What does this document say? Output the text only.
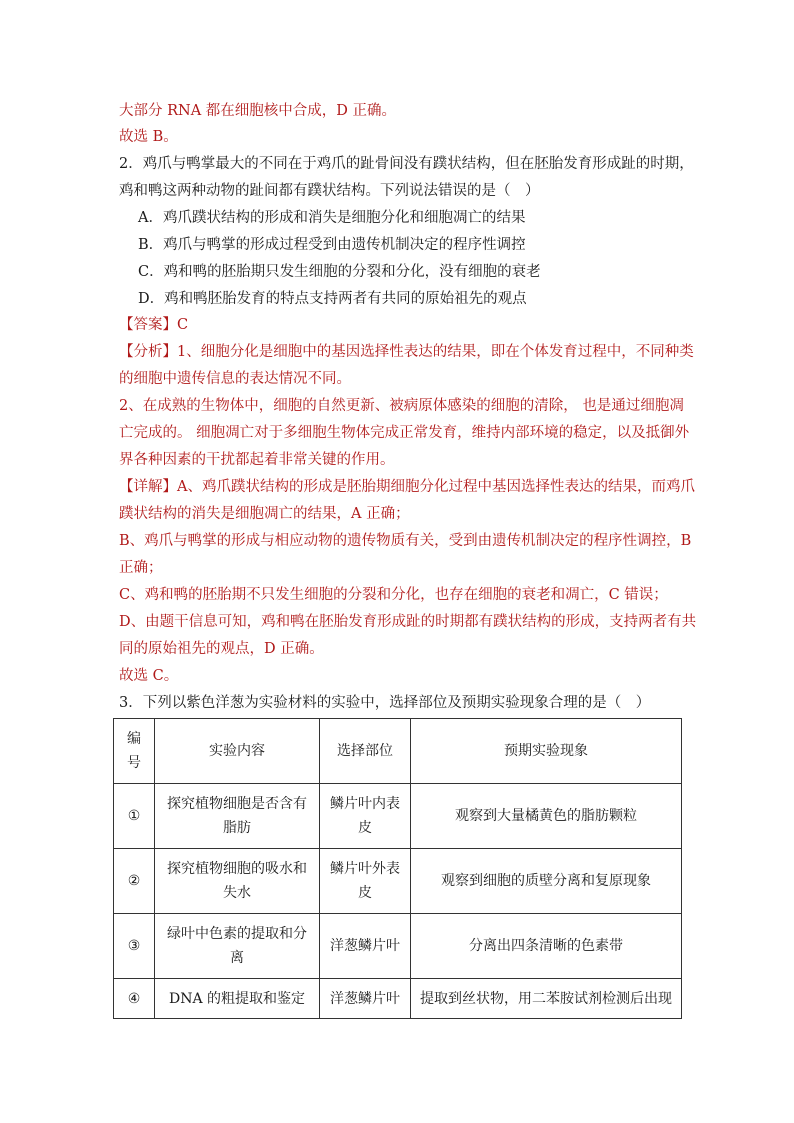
大部分 RNA 都在细胞核中合成，D 正确。
故选 B。
2．鸡爪与鸭掌最大的不同在于鸡爪的趾骨间没有蹼状结构，但在胚胎发育形成趾的时期，
鸡和鸭这两种动物的趾间都有蹼状结构。下列说法错误的是（　）
A．鸡爪蹼状结构的形成和消失是细胞分化和细胞凋亡的结果
B．鸡爪与鸭掌的形成过程受到由遗传机制决定的程序性调控
C．鸡和鸭的胚胎期只发生细胞的分裂和分化，没有细胞的衰老
D．鸡和鸭胚胎发育的特点支持两者有共同的原始祖先的观点
【答案】C
【分析】1、细胞分化是细胞中的基因选择性表达的结果，即在个体发育过程中，不同种类
的细胞中遗传信息的表达情况不同。
2、在成熟的生物体中，细胞的自然更新、被病原体感染的细胞的清除， 也是通过细胞凋
亡完成的。 细胞凋亡对于多细胞生物体完成正常发育，维持内部环境的稳定，以及抵御外
界各种因素的干扰都起着非常关键的作用。
【详解】A、鸡爪蹼状结构的形成是胚胎期细胞分化过程中基因选择性表达的结果，而鸡爪
蹼状结构的消失是细胞凋亡的结果，A 正确；
B、鸡爪与鸭掌的形成与相应动物的遗传物质有关，受到由遗传机制决定的程序性调控，B
正确；
C、鸡和鸭的胚胎期不只发生细胞的分裂和分化，也存在细胞的衰老和凋亡，C 错误；
D、由题干信息可知，鸡和鸭在胚胎发育形成趾的时期都有蹼状结构的形成，支持两者有共
同的原始祖先的观点，D 正确。
故选 C。
3．下列以紫色洋葱为实验材料的实验中，选择部位及预期实验现象合理的是（　）
编号	实验内容	选择部位	预期实验现象
①	探究植物细胞是否含有脂肪	鳞片叶内表皮	观察到大量橘黄色的脂肪颗粒
②	探究植物细胞的吸水和失水	鳞片叶外表皮	观察到细胞的质壁分离和复原现象
③	绿叶中色素的提取和分离	洋葱鳞片叶	分离出四条清晰的色素带
④	DNA 的粗提取和鉴定	洋葱鳞片叶	提取到丝状物，用二苯胺试剂检测后出现
